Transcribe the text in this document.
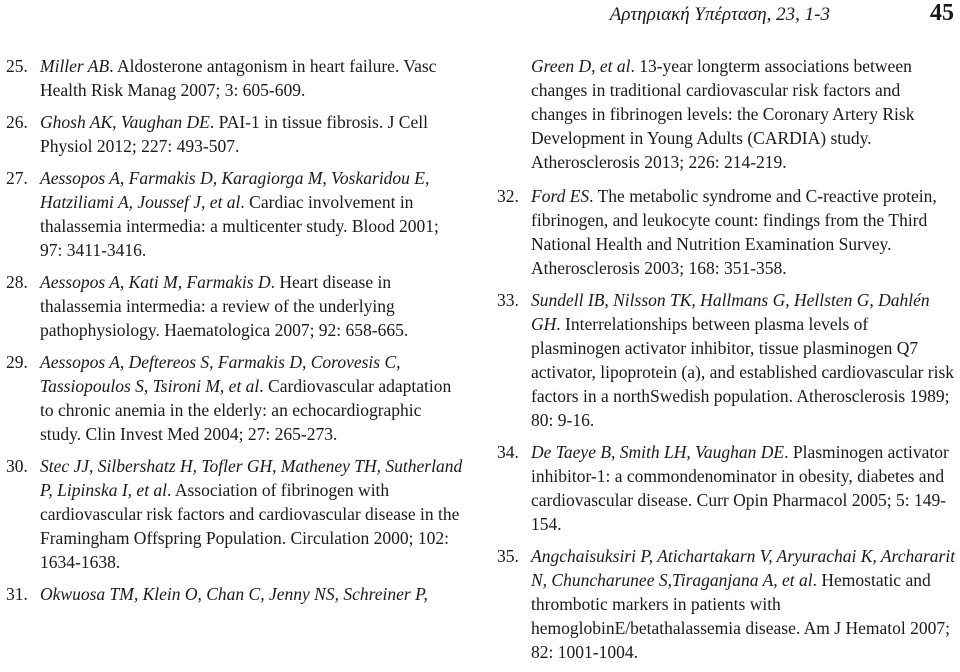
Αρτηριακή Υπέρταση, 23, 1-3	45

25. Miller AB. Aldosterone antagonism in heart failure. Vasc Health Risk Manag 2007; 3: 605-609.

26. Ghosh AK, Vaughan DE. PAI-1 in tissue fibrosis. J Cell Physiol 2012; 227: 493-507.

27. Aessopos A, Farmakis D, Karagiorga M, Voskaridou E, Hatziliami A, Joussef J, et al. Cardiac involvement in thalassemia intermedia: a multicenter study. Blood 2001; 97: 3411-3416.

28. Aessopos A, Kati M, Farmakis D. Heart disease in thalassemia intermedia: a review of the underlying pathophysiology. Haematologica 2007; 92: 658-665.

29. Aessopos A, Deftereos S, Farmakis D, Corovesis C, Tassiopoulos S, Tsironi M, et al. Cardiovascular adaptation to chronic anemia in the elderly: an echocardiographic study. Clin Invest Med 2004; 27: 265-273.

30. Stec JJ, Silbershatz H, Tofler GH, Matheney TH, Sutherland P, Lipinska I, et al. Association of fibrinogen with cardiovascular risk factors and cardiovascular disease in the Framingham Offspring Population. Circulation 2000; 102: 1634-1638.

31. Okwuosa TM, Klein O, Chan C, Jenny NS, Schreiner P,

Green D, et al. 13-year longterm associations between changes in traditional cardiovascular risk factors and changes in fibrinogen levels: the Coronary Artery Risk Development in Young Adults (CARDIA) study. Atherosclerosis 2013; 226: 214-219.

32. Ford ES. The metabolic syndrome and C-reactive protein, fibrinogen, and leukocyte count: findings from the Third National Health and Nutrition Examination Survey. Atherosclerosis 2003; 168: 351-358.

33. Sundell IB, Nilsson TK, Hallmans G, Hellsten G, Dahlén GH. Interrelationships between plasma levels of plasminogen activator inhibitor, tissue plasminogen Q7 activator, lipoprotein (a), and established cardiovascular risk factors in a northSwedish population. Atherosclerosis 1989; 80: 9-16.

34. De Taeye B, Smith LH, Vaughan DE. Plasminogen activator inhibitor-1: a commondenominator in obesity, diabetes and cardiovascular disease. Curr Opin Pharmacol 2005; 5: 149-154.

35. Angchaisuksiri P, Atichartakarn V, Aryurachai K, Archararit N, Chuncharunee S,Tiraganjana A, et al. Hemostatic and thrombotic markers in patients with hemoglobinE/betathalassemia disease. Am J Hematol 2007; 82: 1001-1004.
